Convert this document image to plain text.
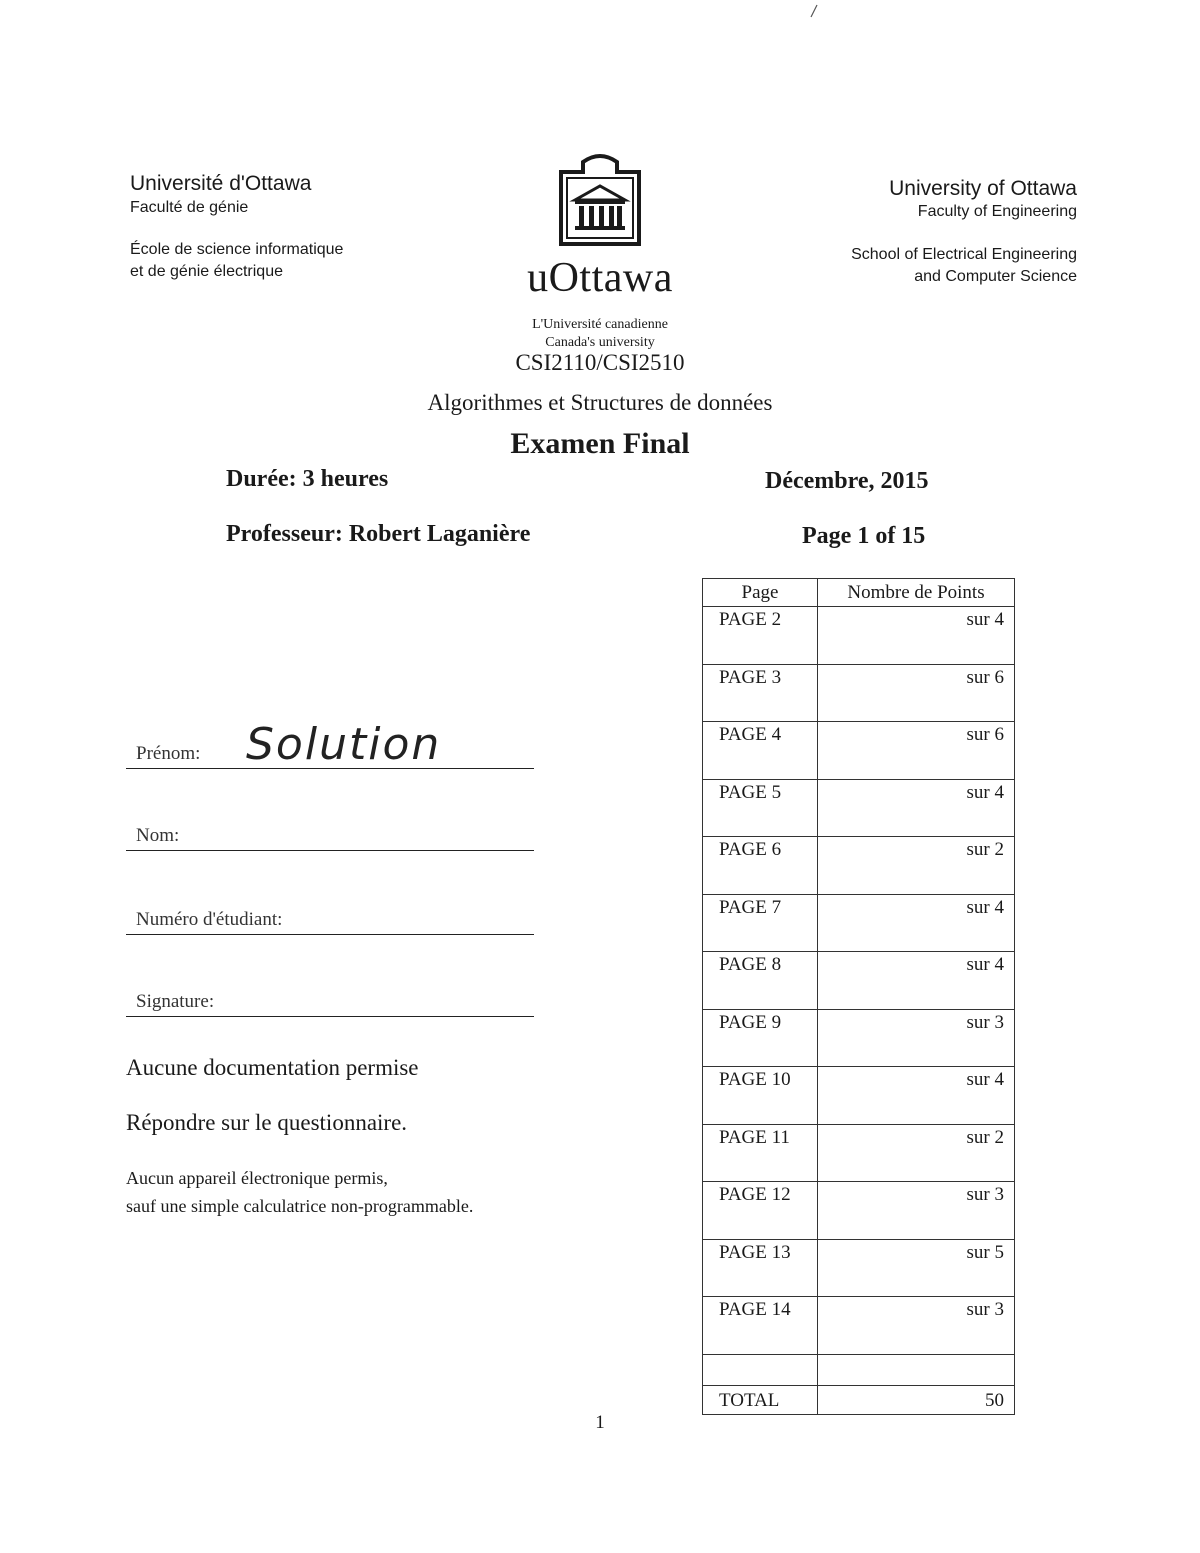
Université d'Ottawa
Faculté de génie
École de science informatique
et de génie électrique
University of Ottawa
Faculty of Engineering
School of Electrical Engineering
and Computer Science
uOttawa
L'Université canadienne
Canada's university
CSI2110/CSI2510
Algorithmes et Structures de données
Examen Final
Durée: 3 heures	Décembre, 2015
Professeur: Robert Laganière	Page 1 of 15
Prénom: Solution
Nom:
Numéro d'étudiant:
Signature:
Aucune documentation permise
Répondre sur le questionnaire.
Aucun appareil électronique permis,
sauf une simple calculatrice non-programmable.
Page	Nombre de Points
PAGE 2	sur 4
PAGE 3	sur 6
PAGE 4	sur 6
PAGE 5	sur 4
PAGE 6	sur 2
PAGE 7	sur 4
PAGE 8	sur 4
PAGE 9	sur 3
PAGE 10	sur 4
PAGE 11	sur 2
PAGE 12	sur 3
PAGE 13	sur 5
PAGE 14	sur 3

TOTAL	50
1
